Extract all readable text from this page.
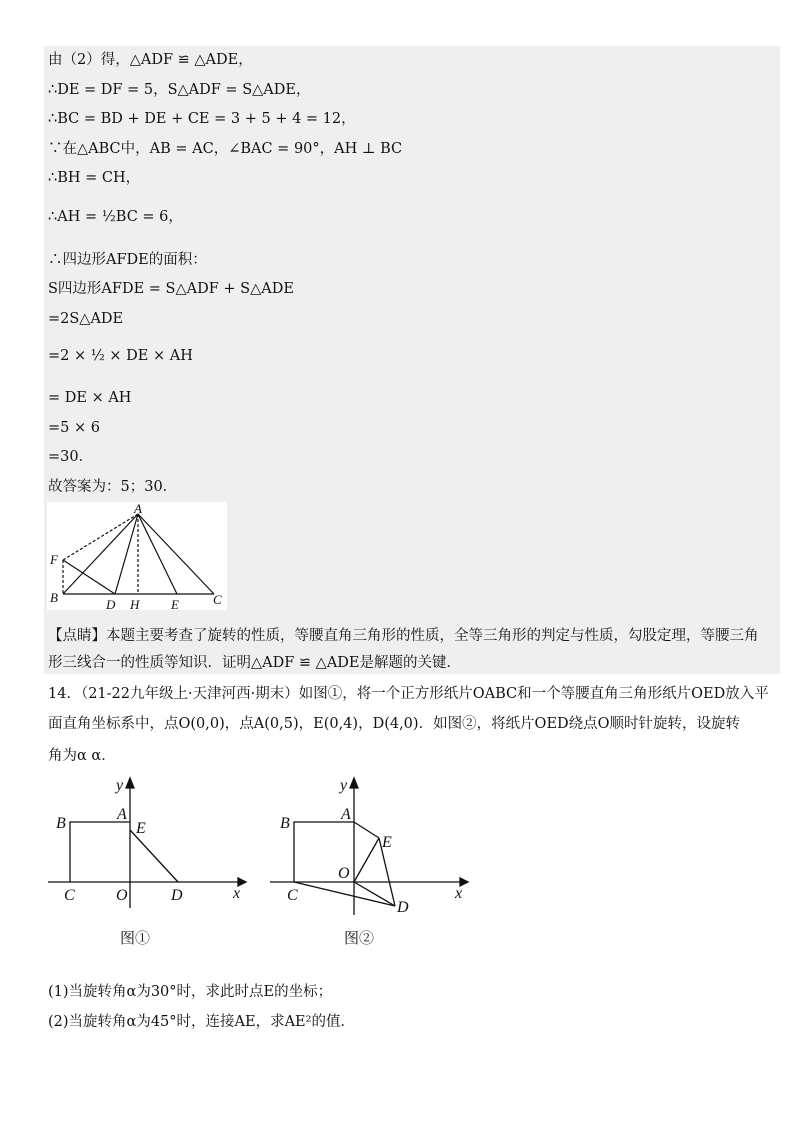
由（2）得，△ADF ≌ △ADE，
∴DE = DF = 5，S△ADF = S△ADE，
∴BC = BD + DE + CE = 3 + 5 + 4 = 12，
∵在△ABC中，AB = AC，∠BAC = 90°，AH ⊥ BC
∴BH = CH，
∴AH = ½BC = 6，
∴四边形AFDE的面积：
S四边形AFDE = S△ADF + S△ADE
=2S△ADE
=2 × ½ × DE × AH
= DE × AH
=5 × 6
=30．
故答案为：5；30．
A
F
B	D H E	C
【点睛】本题主要考查了旋转的性质，等腰直角三角形的性质，全等三角形的判定与性质，勾股定理，等腰三角
形三线合一的性质等知识．证明△ADF ≌ △ADE是解题的关键．
14．（21-22九年级上·天津河西·期末）如图①，将一个正方形纸片OABC和一个等腰直角三角形纸片OED放入平
面直角坐标系中，点O(0,0)，点A(0,5)，E(0,4)，D(4,0)．如图②，将纸片OED绕点O顺时针旋转，设旋转
角为α α．
y
x
B
A
E
C	O	D
图①
y
x
B
A
E
C
O
D
图②
(1)当旋转角α为30°时，求此时点E的坐标；
(2)当旋转角α为45°时，连接AE，求AE²的值．
